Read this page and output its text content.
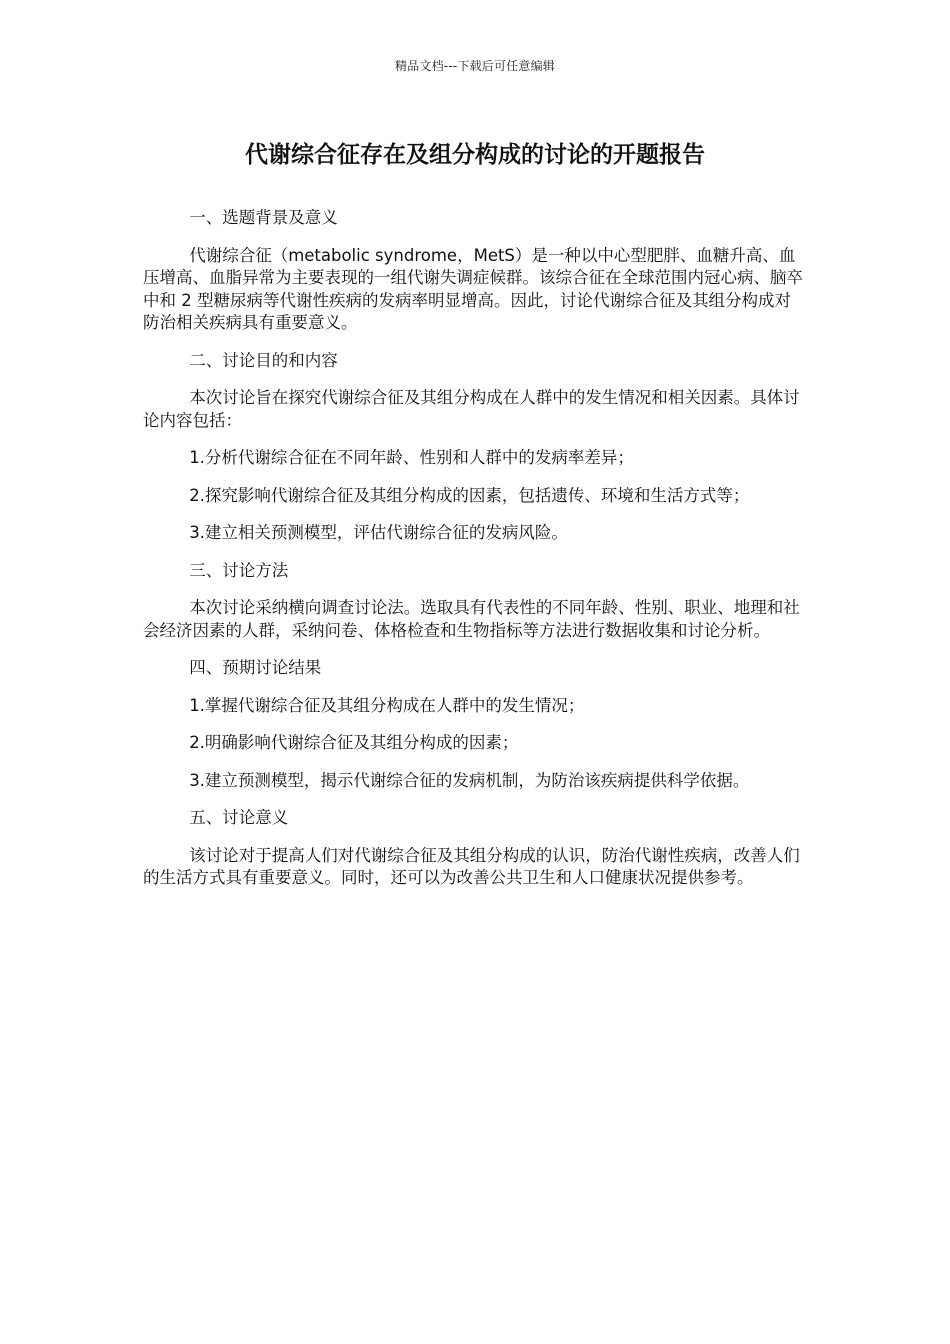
精品文档---下载后可任意编辑
代谢综合征存在及组分构成的讨论的开题报告

一、选题背景及意义

代谢综合征（metabolic syndrome，MetS）是一种以中心型肥胖、血糖升高、血压增高、血脂异常为主要表现的一组代谢失调症候群。该综合征在全球范围内冠心病、脑卒中和 2 型糖尿病等代谢性疾病的发病率明显增高。因此，讨论代谢综合征及其组分构成对防治相关疾病具有重要意义。

二、讨论目的和内容

本次讨论旨在探究代谢综合征及其组分构成在人群中的发生情况和相关因素。具体讨论内容包括：

1.分析代谢综合征在不同年龄、性别和人群中的发病率差异；

2.探究影响代谢综合征及其组分构成的因素，包括遗传、环境和生活方式等；

3.建立相关预测模型，评估代谢综合征的发病风险。

三、讨论方法

本次讨论采纳横向调查讨论法。选取具有代表性的不同年龄、性别、职业、地理和社会经济因素的人群，采纳问卷、体格检查和生物指标等方法进行数据收集和讨论分析。

四、预期讨论结果

1.掌握代谢综合征及其组分构成在人群中的发生情况；

2.明确影响代谢综合征及其组分构成的因素；

3.建立预测模型，揭示代谢综合征的发病机制，为防治该疾病提供科学依据。

五、讨论意义

该讨论对于提高人们对代谢综合征及其组分构成的认识，防治代谢性疾病，改善人们的生活方式具有重要意义。同时，还可以为改善公共卫生和人口健康状况提供参考。
